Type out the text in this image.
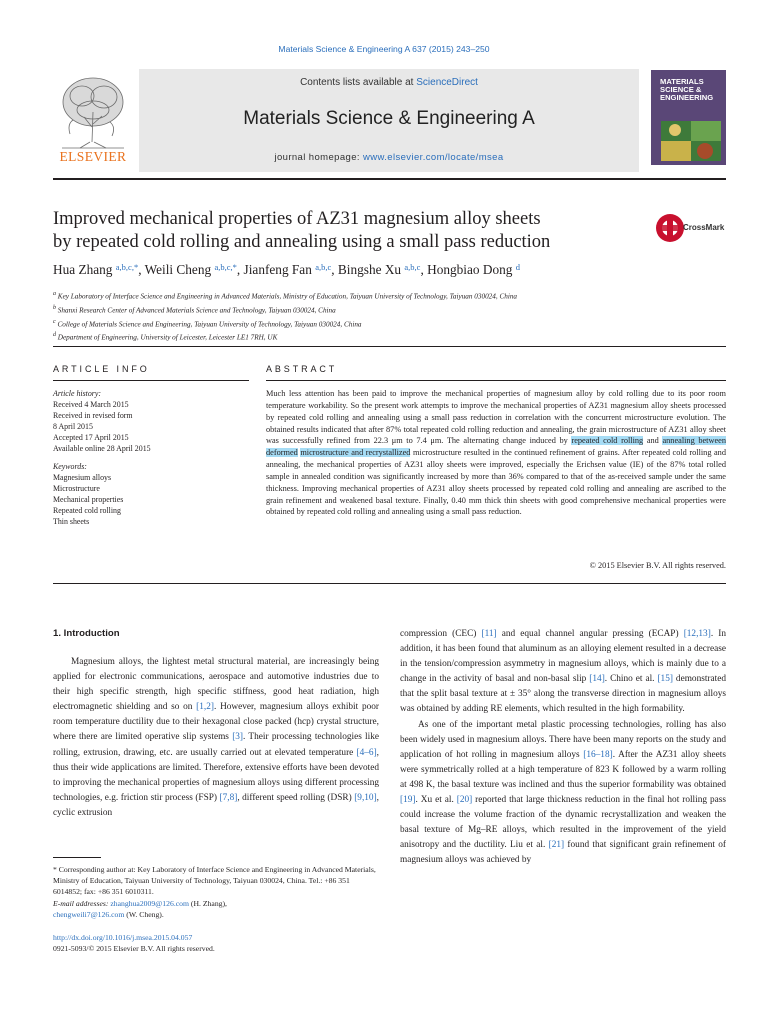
Materials Science & Engineering A 637 (2015) 243–250
Contents lists available at ScienceDirect
Materials Science & Engineering A
journal homepage: www.elsevier.com/locate/msea
ELSEVIER
MATERIALS
SCIENCE &
ENGINEERING
Improved mechanical properties of AZ31 magnesium alloy sheets
by repeated cold rolling and annealing using a small pass reduction
CrossMark
Hua Zhang $^{a,b,c,*}$, Weili Cheng $^{a,b,c,*}$, Jianfeng Fan $^{a,b,c}$, Bingshe Xu $^{a,b,c}$, Hongbiao Dong $^d$
$^a$ Key Laboratory of Interface Science and Engineering in Advanced Materials, Ministry of Education, Taiyuan University of Technology, Taiyuan 030024, China
$^b$ Shanxi Research Center of Advanced Materials Science and Technology, Taiyuan 030024, China
$^c$ College of Materials Science and Engineering, Taiyuan University of Technology, Taiyuan 030024, China
$^d$ Department of Engineering, University of Leicester, Leicester LE1 7RH, UK
ARTICLE INFO
Article history:
Received 4 March 2015
Received in revised form
8 April 2015
Accepted 17 April 2015
Available online 28 April 2015
Keywords:
Magnesium alloys
Microstructure
Mechanical properties
Repeated cold rolling
Thin sheets
ABSTRACT
Much less attention has been paid to improve the mechanical properties of magnesium alloy by cold rolling due to its poor room temperature workability. So the present work attempts to improve the mechanical properties of AZ31 magnesium alloy sheets processed by repeated cold rolling and annealing using a small pass reduction in correlation with the concurrent microstructure evolution. The obtained results indicated that after 87% total repeated cold rolling reduction and annealing, the grain microstructure of AZ31 alloy sheet was successfully refined from 22.3 μm to 7.4 μm. The alternating change induced by repeated cold rolling and annealing between deformed microstructure and recrystallized microstructure resulted in the continued refinement of grains. After repeated cold rolling and annealing, the mechanical properties of AZ31 alloy sheets were improved, especially the Erichsen value (IE) of the 87% total rolled sample in annealed condition was significantly increased by more than 36% compared to that of the as-received sample under the same thickness. Improving mechanical properties of AZ31 alloy sheets processed by repeated cold rolling and annealing are ascribed to the grain refinement and weakened basal texture. Finally, 0.40 mm thick thin sheets with good comprehensive mechanical properties were obtained by repeated cold rolling and annealing using a small pass reduction.
© 2015 Elsevier B.V. All rights reserved.
1. Introduction
Magnesium alloys, the lightest metal structural material, are increasingly being applied for electronic communications, aerospace and automotive industries due to their high specific strength, high specific stiffness, good heat radiation, high electromagnetic shielding and so on [1,2]. However, magnesium alloys exhibit poor room temperature ductility due to their hexagonal close packed (hcp) crystal structure, where there are limited operative slip systems [3]. Their processing technologies like rolling, extrusion, drawing, etc. are usually carried out at elevated temperature [4–6], thus their wide applications are limited. Therefore, extensive efforts have been devoted to improving the mechanical properties of magnesium alloys using different processing technologies, e.g. friction stir process (FSP) [7,8], different speed rolling (DSR) [9,10], cyclic extrusion
compression (CEC) [11] and equal channel angular pressing (ECAP) [12,13]. In addition, it has been found that aluminum as an alloying element resulted in a decrease in the tension/compression asymmetry in magnesium alloys, which is mainly due to a change in the activity of basal and non-basal slip [14]. Chino et al. [15] demonstrated that the split basal texture at ± 35° along the transverse direction in magnesium alloys was obtained by adding RE elements, which resulted in the high formability.
As one of the important metal plastic processing technologies, rolling has also been widely used in magnesium alloys. There have been many reports on the study and application of hot rolling in magnesium alloys [16–18]. After the AZ31 alloy sheets were symmetrically rolled at a high temperature of 823 K followed by a warm rolling at 498 K, the basal texture was inclined and thus the superior formability was obtained [19]. Xu et al. [20] reported that large thickness reduction in the final hot rolling pass could increase the volume fraction of the dynamic recrystallization and weaken the basal texture of Mg–RE alloys, which resulted in the improvement of the yield anisotropy and the ductility. Liu et al. [21] found that significant grain refinement of magnesium alloys was achieved by
* Corresponding author at: Key Laboratory of Interface Science and Engineering in Advanced Materials, Ministry of Education, Taiyuan University of Technology, Taiyuan 030024, China. Tel.: +86 351 6014852; fax: +86 351 6010311.
E-mail addresses: zhanghua2009@126.com (H. Zhang),
chengweili7@126.com (W. Cheng).
http://dx.doi.org/10.1016/j.msea.2015.04.057
0921-5093/© 2015 Elsevier B.V. All rights reserved.
